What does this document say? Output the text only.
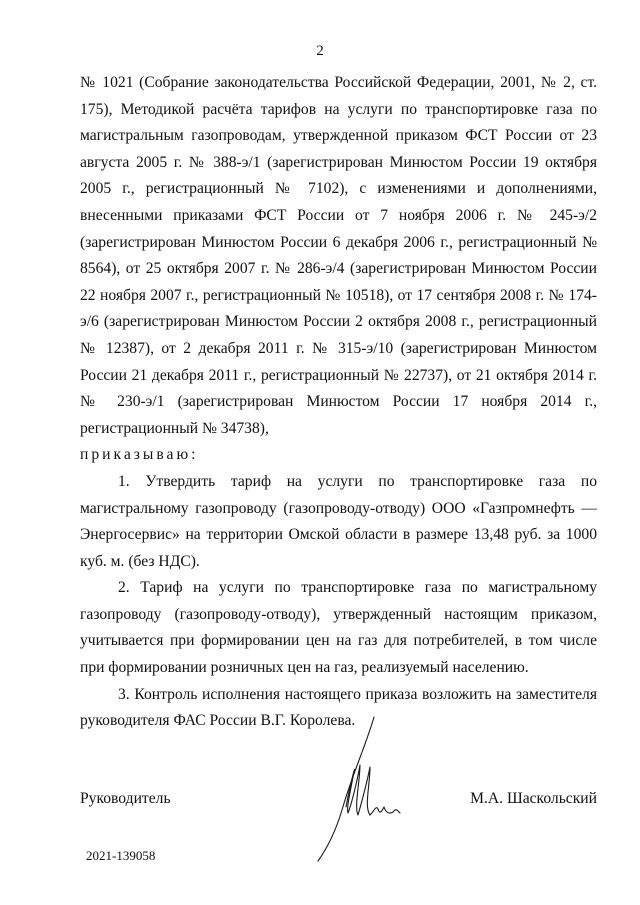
2

№ 1021 (Собрание законодательства Российской Федерации, 2001, № 2, ст. 175), Методикой расчёта тарифов на услуги по транспортировке газа по магистральным газопроводам, утвержденной приказом ФСТ России от 23 августа 2005 г. № 388-э/1 (зарегистрирован Минюстом России 19 октября 2005 г., регистрационный № 7102), с изменениями и дополнениями, внесенными приказами ФСТ России от 7 ноября 2006 г. № 245-э/2 (зарегистрирован Минюстом России 6 декабря 2006 г., регистрационный № 8564), от 25 октября 2007 г. № 286-э/4 (зарегистрирован Минюстом России 22 ноября 2007 г., регистрационный № 10518), от 17 сентября 2008 г. № 174-э/6 (зарегистрирован Минюстом России 2 октября 2008 г., регистрационный № 12387), от 2 декабря 2011 г. № 315-э/10 (зарегистрирован Минюстом России 21 декабря 2011 г., регистрационный № 22737), от 21 октября 2014 г. № 230-э/1 (зарегистрирован Минюстом России 17 ноября 2014 г., регистрационный № 34738),

приказываю:

1. Утвердить тариф на услуги по транспортировке газа по магистральному газопроводу (газопроводу-отводу) ООО «Газпромнефть — Энергосервис» на территории Омской области в размере 13,48 руб. за 1000 куб. м. (без НДС).

2. Тариф на услуги по транспортировке газа по магистральному газопроводу (газопроводу-отводу), утвержденный настоящим приказом, учитывается при формировании цен на газ для потребителей, в том числе при формировании розничных цен на газ, реализуемый населению.

3. Контроль исполнения настоящего приказа возложить на заместителя руководителя ФАС России В.Г. Королева.

Руководитель	М.А. Шаскольский
2021-139058
